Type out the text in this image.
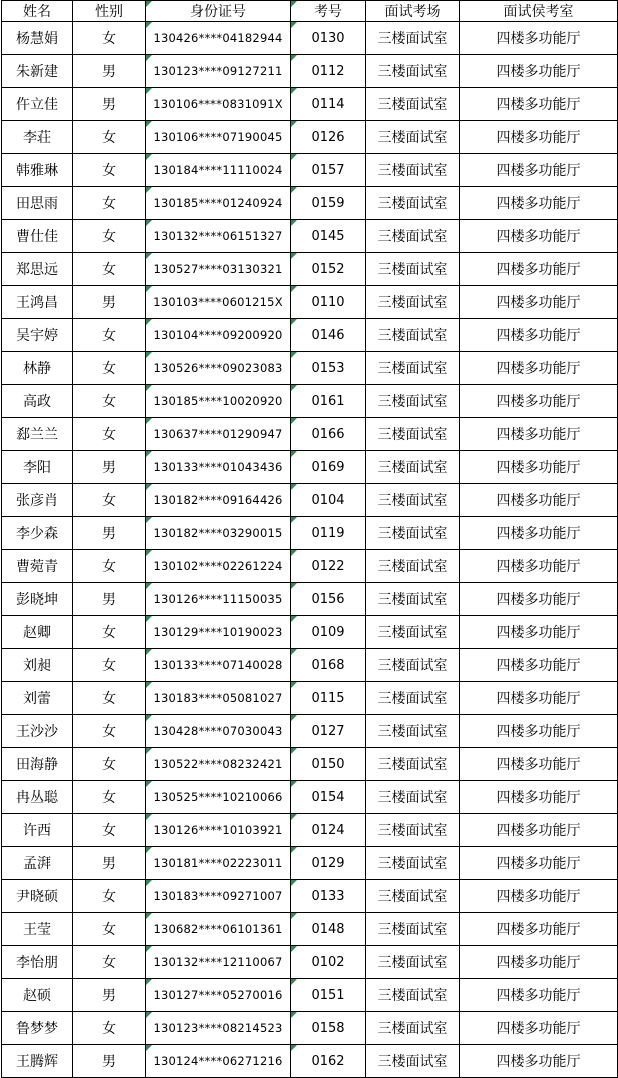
姓名	性别	身份证号	考号	面试考场	面试侯考室
杨慧娟	女	130426****04182944	0130	三楼面试室	四楼多功能厅
朱新建	男	130123****09127211	0112	三楼面试室	四楼多功能厅
仵立佳	男	130106****0831091X	0114	三楼面试室	四楼多功能厅
李荘	女	130106****07190045	0126	三楼面试室	四楼多功能厅
韩雅琳	女	130184****11110024	0157	三楼面试室	四楼多功能厅
田思雨	女	130185****01240924	0159	三楼面试室	四楼多功能厅
曹仕佳	女	130132****06151327	0145	三楼面试室	四楼多功能厅
郑思远	女	130527****03130321	0152	三楼面试室	四楼多功能厅
王鸿昌	男	130103****0601215X	0110	三楼面试室	四楼多功能厅
吴宇婷	女	130104****09200920	0146	三楼面试室	四楼多功能厅
林静	女	130526****09023083	0153	三楼面试室	四楼多功能厅
高政	女	130185****10020920	0161	三楼面试室	四楼多功能厅
郄兰兰	女	130637****01290947	0166	三楼面试室	四楼多功能厅
李阳	男	130133****01043436	0169	三楼面试室	四楼多功能厅
张彦肖	女	130182****09164426	0104	三楼面试室	四楼多功能厅
李少森	男	130182****03290015	0119	三楼面试室	四楼多功能厅
曹菀青	女	130102****02261224	0122	三楼面试室	四楼多功能厅
彭晓坤	男	130126****11150035	0156	三楼面试室	四楼多功能厅
赵卿	女	130129****10190023	0109	三楼面试室	四楼多功能厅
刘昶	女	130133****07140028	0168	三楼面试室	四楼多功能厅
刘蕾	女	130183****05081027	0115	三楼面试室	四楼多功能厅
王沙沙	女	130428****07030043	0127	三楼面试室	四楼多功能厅
田海静	女	130522****08232421	0150	三楼面试室	四楼多功能厅
冉丛聪	女	130525****10210066	0154	三楼面试室	四楼多功能厅
许西	女	130126****10103921	0124	三楼面试室	四楼多功能厅
孟湃	男	130181****02223011	0129	三楼面试室	四楼多功能厅
尹晓硕	女	130183****09271007	0133	三楼面试室	四楼多功能厅
王莹	女	130682****06101361	0148	三楼面试室	四楼多功能厅
李怡朋	女	130132****12110067	0102	三楼面试室	四楼多功能厅
赵硕	男	130127****05270016	0151	三楼面试室	四楼多功能厅
鲁梦梦	女	130123****08214523	0158	三楼面试室	四楼多功能厅
王腾辉	男	130124****06271216	0162	三楼面试室	四楼多功能厅
